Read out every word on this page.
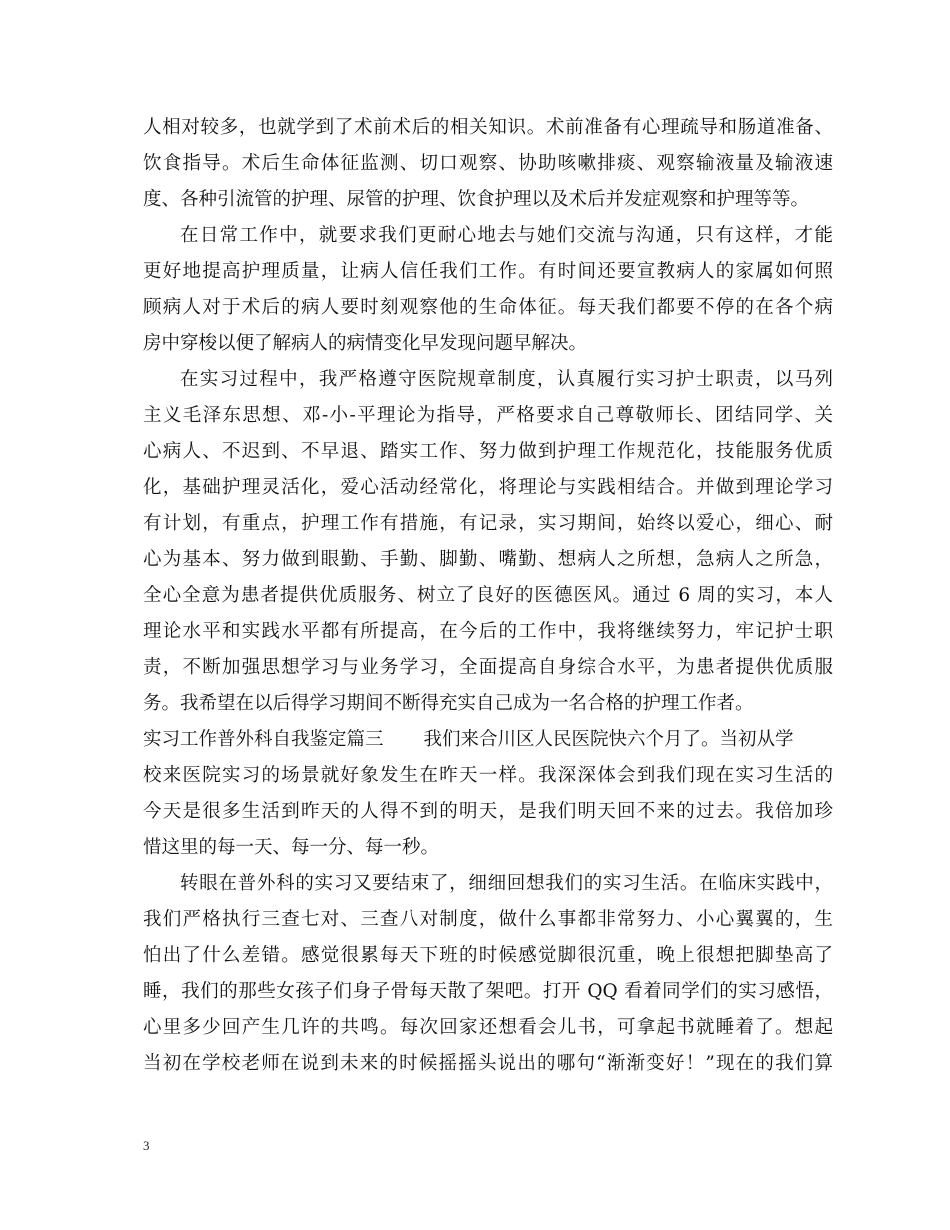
人相对较多，也就学到了术前术后的相关知识。术前准备有心理疏导和肠道准备、
饮食指导。术后生命体征监测、切口观察、协助咳嗽排痰、观察输液量及输液速
度、各种引流管的护理、尿管的护理、饮食护理以及术后并发症观察和护理等等。
在日常工作中，就要求我们更耐心地去与她们交流与沟通，只有这样，才能
更好地提高护理质量，让病人信任我们工作。有时间还要宣教病人的家属如何照
顾病人对于术后的病人要时刻观察他的生命体征。每天我们都要不停的在各个病
房中穿梭以便了解病人的病情变化早发现问题早解决。
在实习过程中，我严格遵守医院规章制度，认真履行实习护士职责，以马列
主义毛泽东思想、邓-小-平理论为指导，严格要求自己尊敬师长、团结同学、关
心病人、不迟到、不早退、踏实工作、努力做到护理工作规范化，技能服务优质
化，基础护理灵活化，爱心活动经常化，将理论与实践相结合。并做到理论学习
有计划，有重点，护理工作有措施，有记录，实习期间，始终以爱心，细心、耐
心为基本、努力做到眼勤、手勤、脚勤、嘴勤、想病人之所想，急病人之所急，
全心全意为患者提供优质服务、树立了良好的医德医风。通过 6 周的实习，本人
理论水平和实践水平都有所提高，在今后的工作中，我将继续努力，牢记护士职
责，不断加强思想学习与业务学习，全面提高自身综合水平，为患者提供优质服
务。我希望在以后得学习期间不断得充实自己成为一名合格的护理工作者。
实习工作普外科自我鉴定篇三 我们来合川区人民医院快六个月了。当初从学
校来医院实习的场景就好象发生在昨天一样。我深深体会到我们现在实习生活的
今天是很多生活到昨天的人得不到的明天，是我们明天回不来的过去。我倍加珍
惜这里的每一天、每一分、每一秒。
转眼在普外科的实习又要结束了，细细回想我们的实习生活。在临床实践中，
我们严格执行三查七对、三查八对制度，做什么事都非常努力、小心翼翼的，生
怕出了什么差错。感觉很累每天下班的时候感觉脚很沉重，晚上很想把脚垫高了
睡，我们的那些女孩子们身子骨每天散了架吧。打开 QQ 看着同学们的实习感悟，
心里多少回产生几许的共鸣。每次回家还想看会儿书，可拿起书就睡着了。想起
当初在学校老师在说到未来的时候摇摇头说出的哪句“渐渐变好！”现在的我们算
3
